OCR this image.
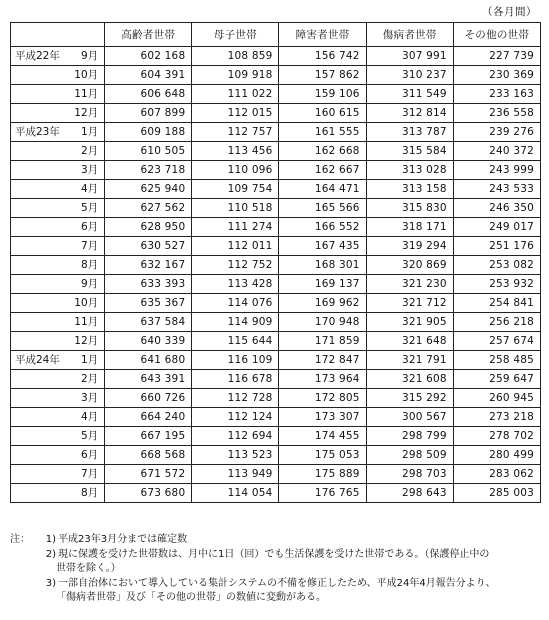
（各月間）
	高齢者世帯	母子世帯	障害者世帯	傷病者世帯	その他の世帯

平成22年 9月	602 168	108 859	156 742	307 991	227 739

10月	604 391	109 918	157 862	310 237	230 369

11月	606 648	111 022	159 106	311 549	233 163

12月	607 899	112 015	160 615	312 814	236 558

平成23年 1月	609 188	112 757	161 555	313 787	239 276

2月	610 505	113 456	162 668	315 584	240 372

3月	623 718	110 096	162 667	313 028	243 999

4月	625 940	109 754	164 471	313 158	243 533

5月	627 562	110 518	165 566	315 830	246 350

6月	628 950	111 274	166 552	318 171	249 017

7月	630 527	112 011	167 435	319 294	251 176

8月	632 167	112 752	168 301	320 869	253 082

9月	633 393	113 428	169 137	321 230	253 932

10月	635 367	114 076	169 962	321 712	254 841

11月	637 584	114 909	170 948	321 905	256 218

12月	640 339	115 644	171 859	321 648	257 674

平成24年 1月	641 680	116 109	172 847	321 791	258 485

2月	643 391	116 678	173 964	321 608	259 647

3月	660 726	112 728	172 805	315 292	260 945

4月	664 240	112 124	173 307	300 567	273 218

5月	667 195	112 694	174 455	298 799	278 702

6月	668 568	113 523	175 053	298 509	280 499

7月	671 572	113 949	175 889	298 703	283 062

8月	673 680	114 054	176 765	298 643	285 003
注：	1) 平成23年3月分までは確定数
2) 現に保護を受けた世帯数は、月中に1日（回）でも生活保護を受けた世帯である。（保護停止中の
世帯を除く。）
3) 一部自治体において導入している集計システムの不備を修正したため、平成24年4月報告分より、
「傷病者世帯」及び「その他の世帯」の数値に変動がある。
